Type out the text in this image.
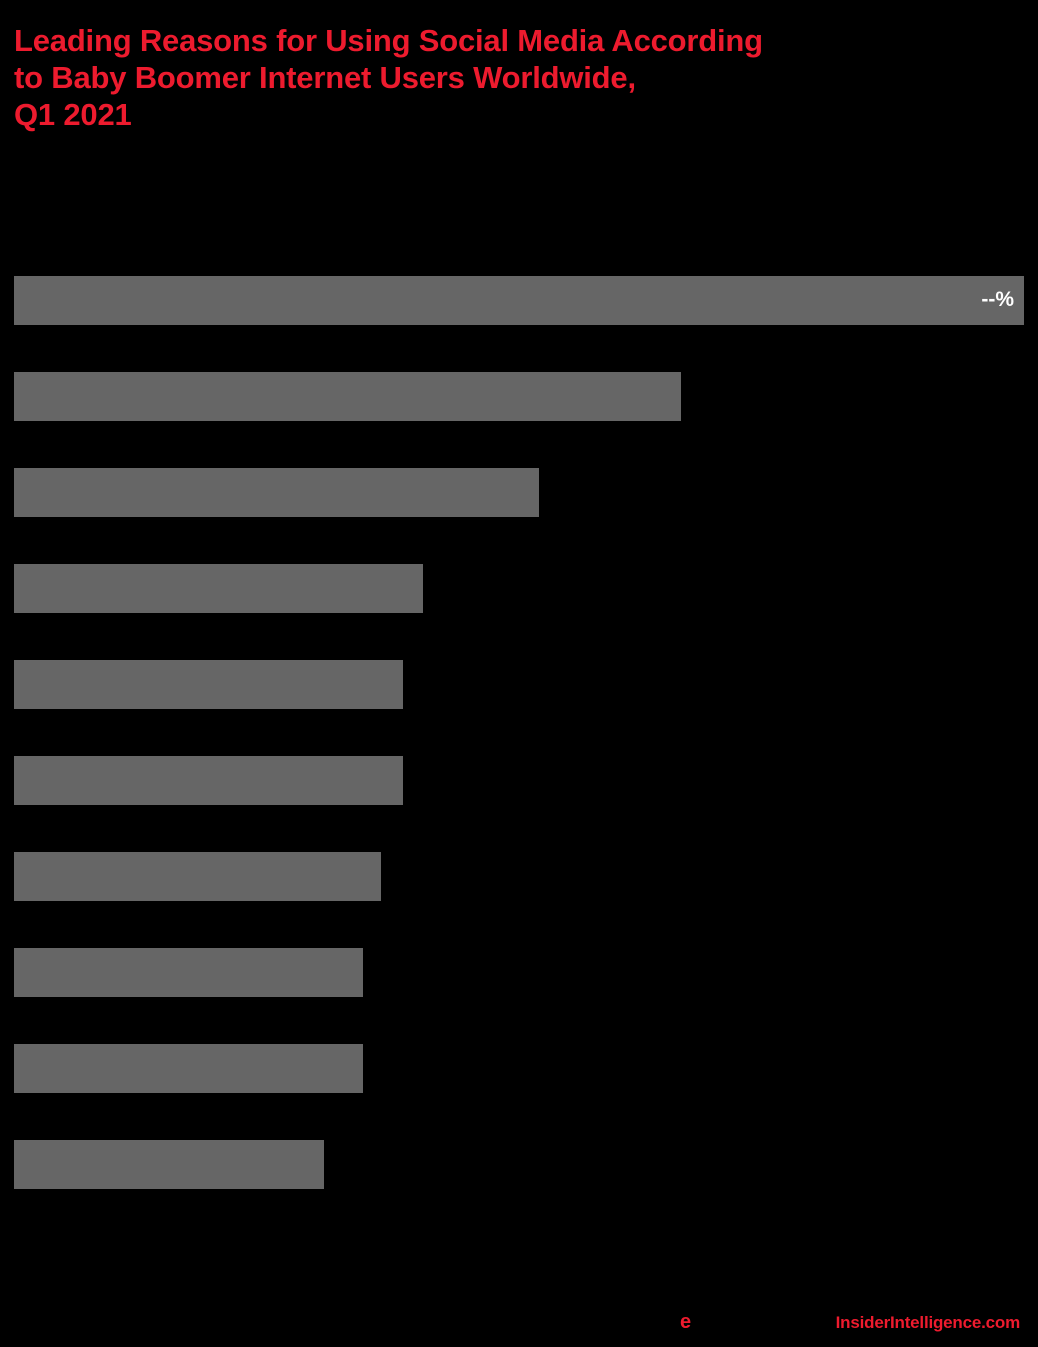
Leading Reasons for Using Social Media According
to Baby Boomer Internet Users Worldwide,
Q1 2021
--%
e	InsiderIntelligence.com
